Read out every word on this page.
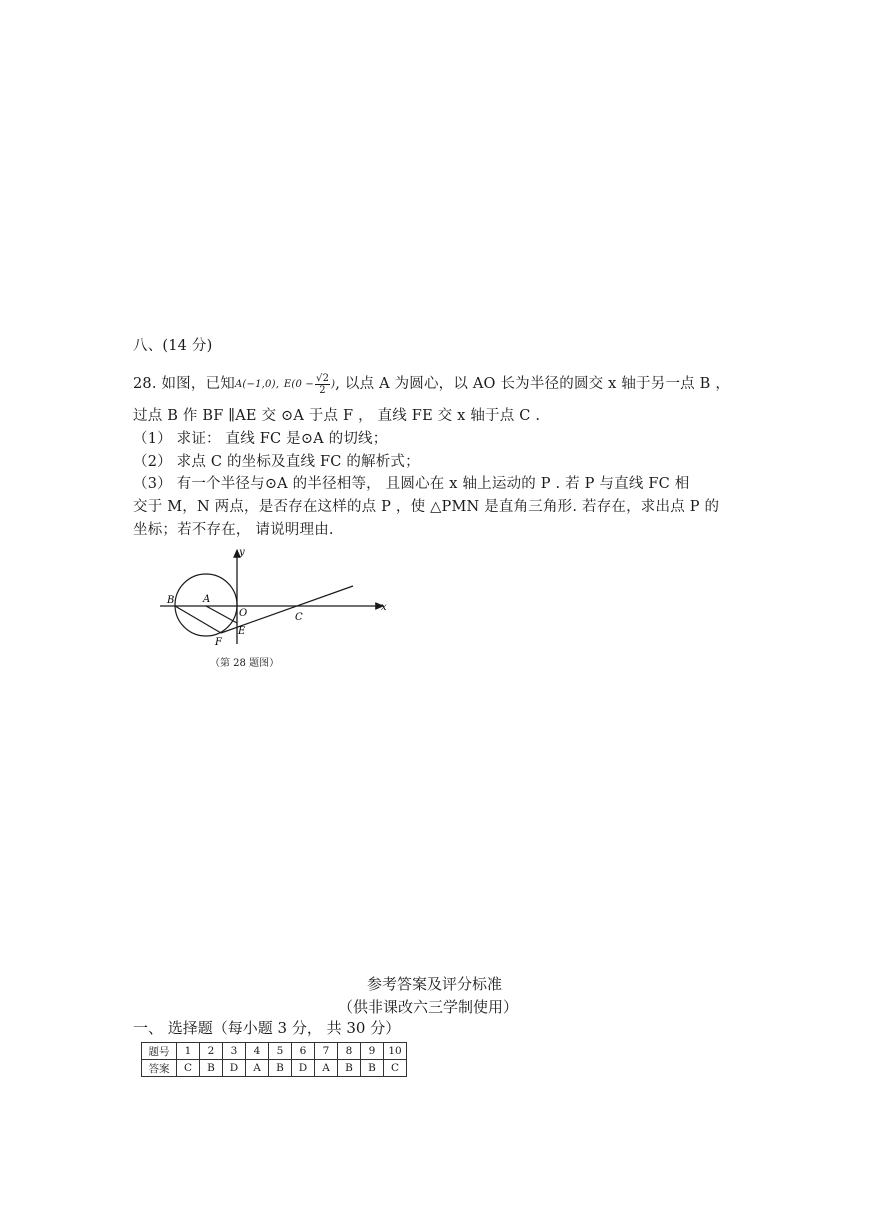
八、(14 分)
28. 如图，已知A(−1,0), $E(0 - \frac{√2}{2}$ ), 以点 A 为圆心，以 AO 长为半径的圆交 x 轴于另一点 B ，
过点 B 作 BF ∥AE 交 ⊙A 于点 F ， 直线 FE 交 x 轴于点 C .
（1） 求证： 直线 FC 是⊙A 的切线；
（2） 求点 C 的坐标及直线 FC 的解析式；
（3） 有一个半径与⊙A 的半径相等， 且圆心在 x 轴上运动的 P . 若 P 与直线 FC 相
交于 M，N 两点，是否存在这样的点 P ，使 △PMN 是直角三角形. 若存在，求出点 P 的
坐标；若不存在， 请说明理由.
y
x
B	A
O	C
E
F
（第 28 题图）
参考答案及评分标准
（供非课改六三学制使用）
一、 选择题（每小题 3 分， 共 30 分）
题号	1	2	3	4	5	6	7	8	9	10
答案	C	B	D	A	B	D	A	B	B	C
